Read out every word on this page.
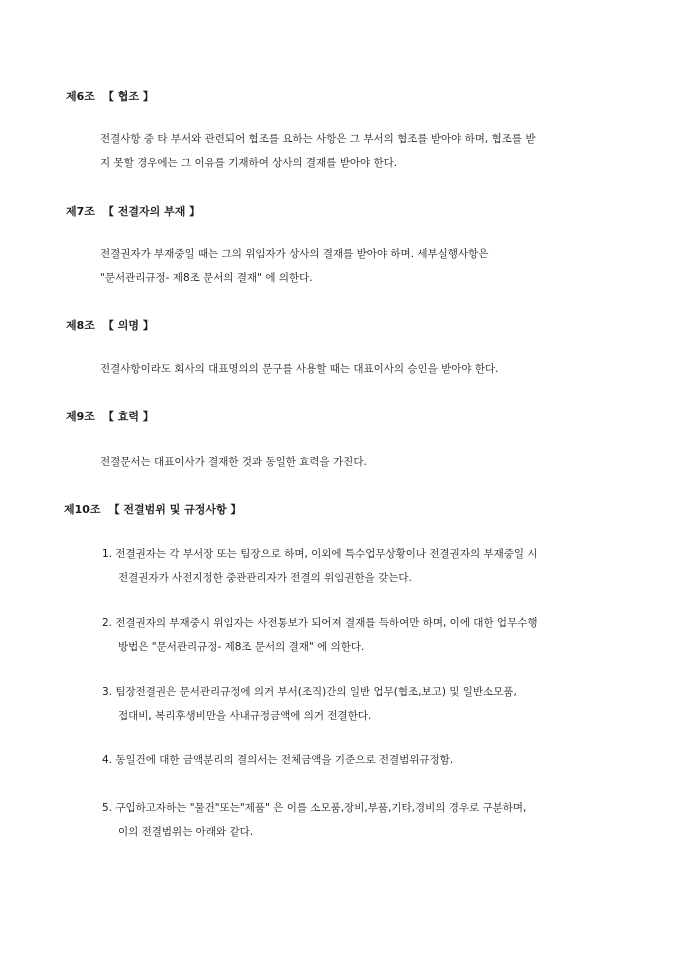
제6조 【 협조 】
전결사항 중 타 부서와 관련되어 협조를 요하는 사항은 그 부서의 협조를 받아야 하며, 협조를 받
지 못할 경우에는 그 이유를 기재하여 상사의 결재를 받아야 한다.
제7조 【 전결자의 부재 】
전결권자가 부재중일 때는 그의 위임자가 상사의 결재를 받아야 하며. 세부실행사항은
"문서관리규정- 제8조 문서의 결재" 에 의한다.
제8조 【 의명 】
전결사항이라도 회사의 대표명의의 문구를 사용할 때는 대표이사의 승인을 받아야 한다.
제9조 【 효력 】
전결문서는 대표이사가 결재한 것과 동일한 효력을 가진다.
제10조 【 전결범위 및 규정사항 】
1. 전결권자는 각 부서장 또는 팀장으로 하며, 이외에 특수업무상황이나 전결권자의 부재중일 시
전결권자가 사전지정한 중관관리자가 전결의 위임권한을 갖는다.
2. 전결권자의 부재중시 위임자는 사전통보가 되어져 결재를 득하여만 하며, 이에 대한 업무수행
방법은 "문서관리규정- 제8조 문서의 결재" 에 의한다.
3. 팀장전결권은 문서관리규정에 의거 부서(조직)간의 일반 업무(협조,보고) 및 일반소모품,
접대비, 복리후생비만을 사내규정금액에 의거 전결한다.
4. 동일건에 대한 금액분리의 결의서는 전체금액을 기준으로 전결범위규정함.
5. 구입하고자하는 "물건"또는"제품" 은 이를 소모품,장비,부품,기타,경비의 경우로 구분하며,
이의 전결범위는 아래와 같다.
